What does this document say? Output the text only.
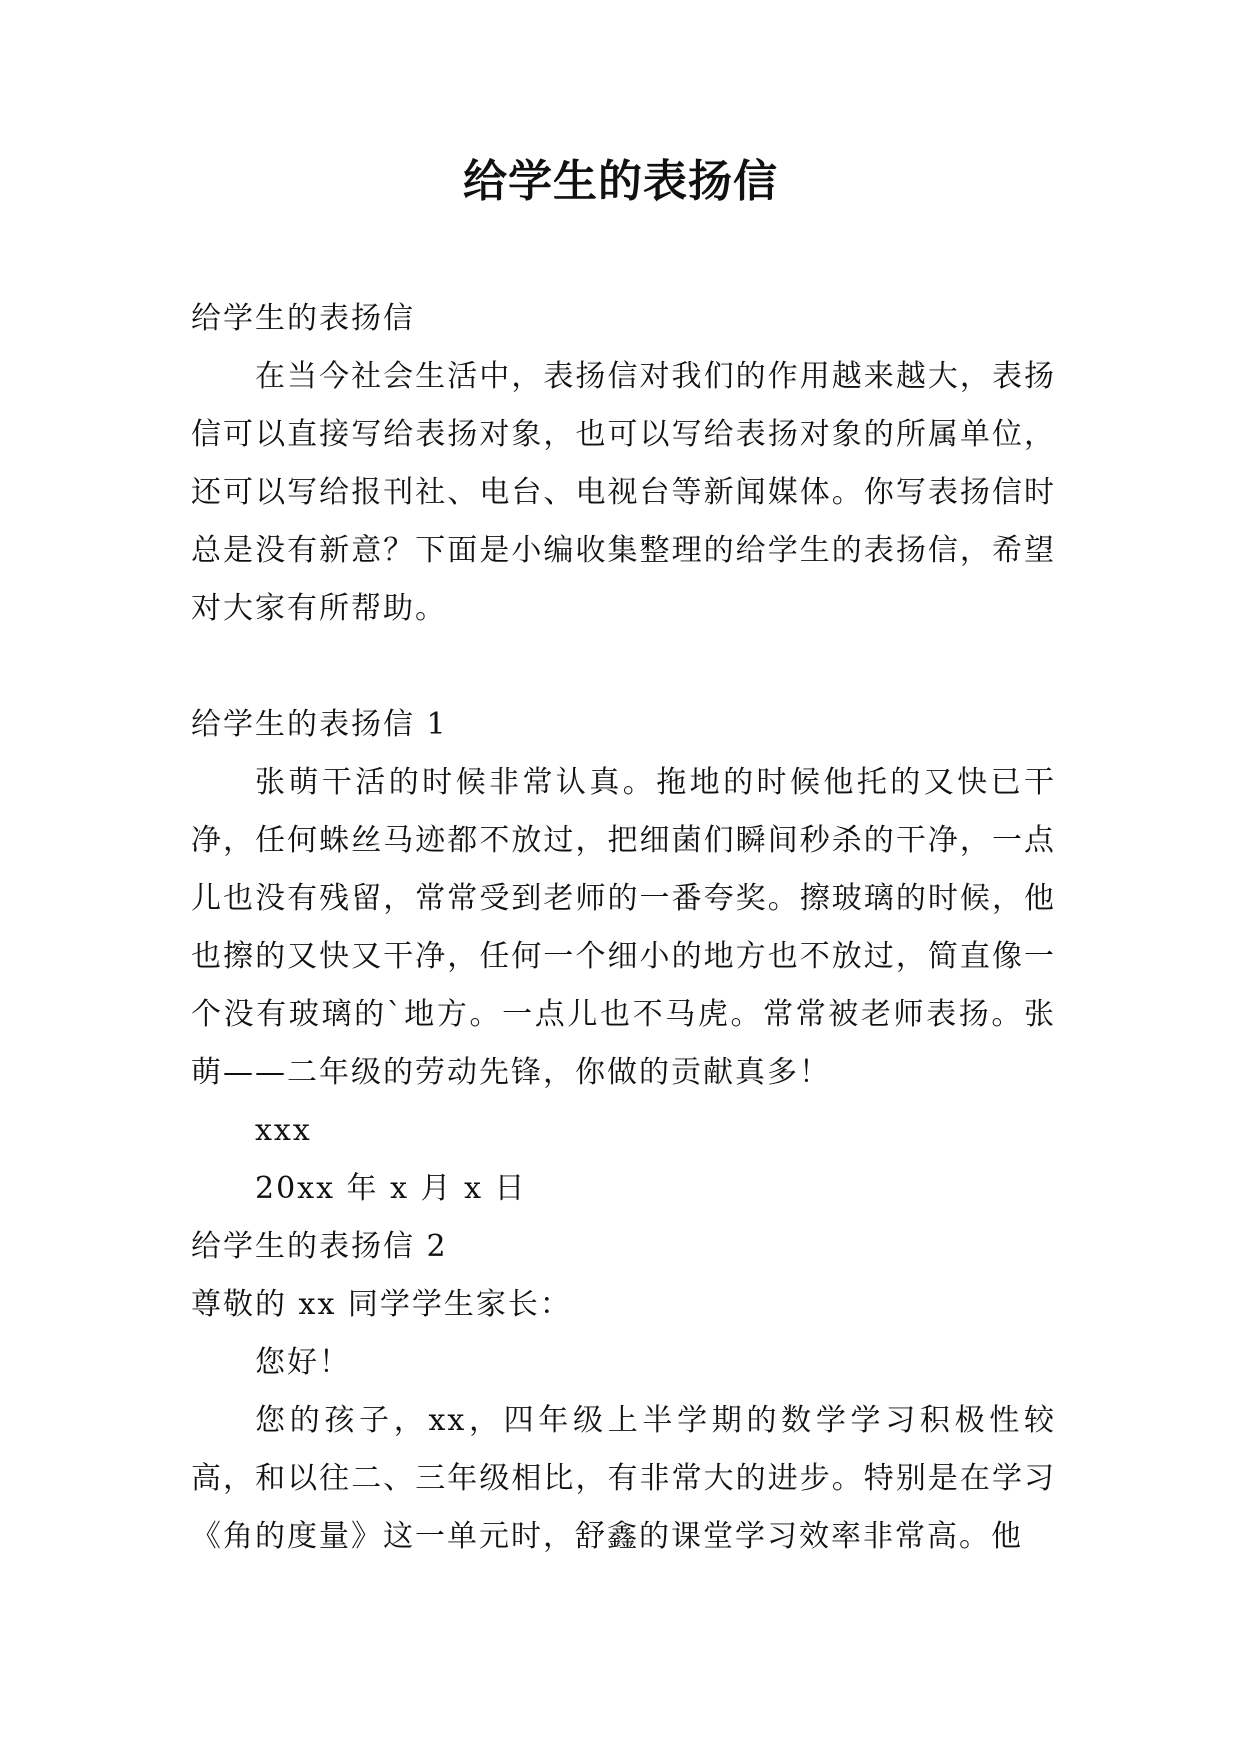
给学生的表扬信

给学生的表扬信

在当今社会生活中，表扬信对我们的作用越来越大，表扬信可以直接写给表扬对象，也可以写给表扬对象的所属单位，还可以写给报刊社、电台、电视台等新闻媒体。你写表扬信时总是没有新意？下面是小编收集整理的给学生的表扬信，希望对大家有所帮助。

给学生的表扬信 1

张萌干活的时候非常认真。拖地的时候他托的又快已干净，任何蛛丝马迹都不放过，把细菌们瞬间秒杀的干净，一点儿也没有残留，常常受到老师的一番夸奖。擦玻璃的时候，他也擦的又快又干净，任何一个细小的地方也不放过，简直像一个没有玻璃的`地方。一点儿也不马虎。常常被老师表扬。张萌——二年级的劳动先锋，你做的贡献真多！

xxx

20xx 年 x 月 x 日

给学生的表扬信 2

尊敬的 xx 同学学生家长：

您好！

您的孩子，xx，四年级上半学期的数学学习积极性较高，和以往二、三年级相比，有非常大的进步。特别是在学习《角的度量》这一单元时，舒鑫的课堂学习效率非常高。他
